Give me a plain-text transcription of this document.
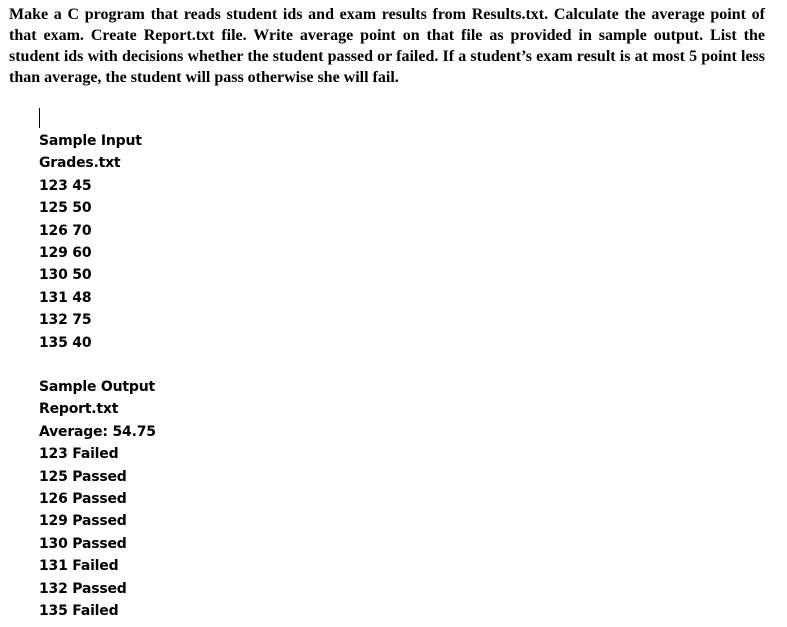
Make a C program that reads student ids and exam results from Results.txt. Calculate the average point of that exam. Create Report.txt file. Write average point on that file as provided in sample output. List the student ids with decisions whether the student passed or failed. If a student’s exam result is at most 5 point less than average, the student will pass otherwise she will fail.

Sample Input
Grades.txt
123 45
125 50
126 70
129 60
130 50
131 48
132 75
135 40
Sample Output
Report.txt
Average: 54.75
123 Failed
125 Passed
126 Passed
129 Passed
130 Passed
131 Failed
132 Passed
135 Failed
